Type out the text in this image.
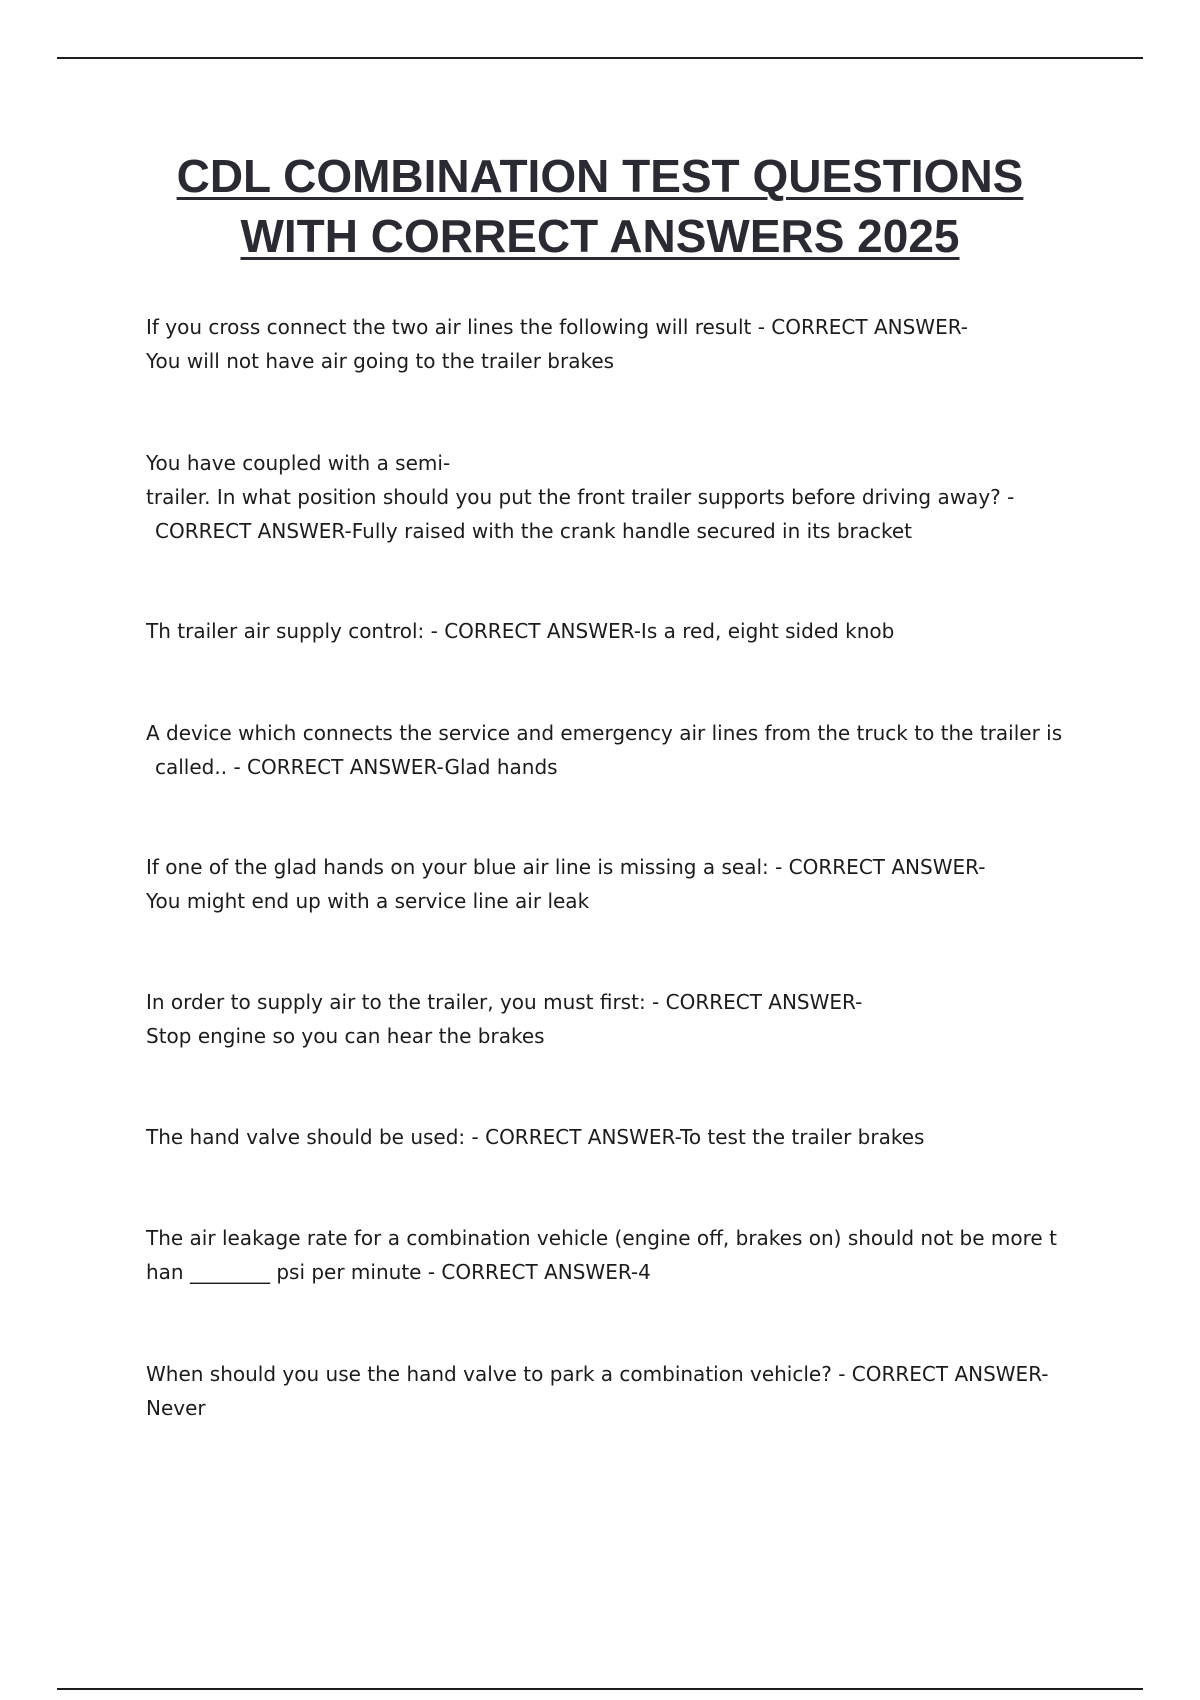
CDL COMBINATION TEST QUESTIONS
WITH CORRECT ANSWERS 2025

If you cross connect the two air lines the following will result - CORRECT ANSWER-
You will not have air going to the trailer brakes

You have coupled with a semi-
trailer. In what position should you put the front trailer supports before driving away? -
CORRECT ANSWER-Fully raised with the crank handle secured in its bracket

Th trailer air supply control: - CORRECT ANSWER-Is a red, eight sided knob

A device which connects the service and emergency air lines from the truck to the trailer is
called.. - CORRECT ANSWER-Glad hands

If one of the glad hands on your blue air line is missing a seal: - CORRECT ANSWER-
You might end up with a service line air leak

In order to supply air to the trailer, you must first: - CORRECT ANSWER-
Stop engine so you can hear the brakes

The hand valve should be used: - CORRECT ANSWER-To test the trailer brakes

The air leakage rate for a combination vehicle (engine off, brakes on) should not be more t
han ________ psi per minute - CORRECT ANSWER-4

When should you use the hand valve to park a combination vehicle? - CORRECT ANSWER-
Never
